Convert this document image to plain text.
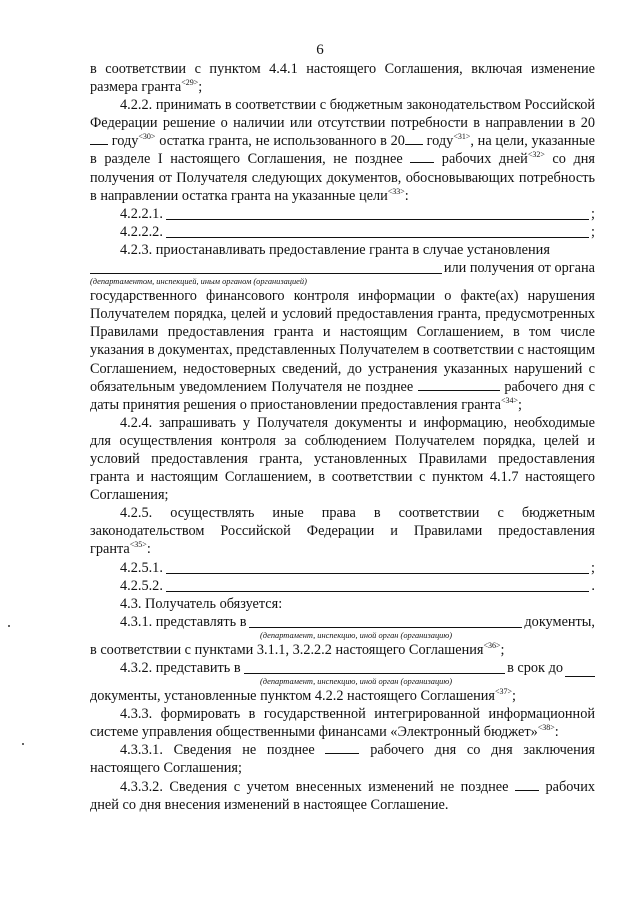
6

в соответствии с пунктом 4.4.1 настоящего Соглашения, включая изменение размера гранта$^{<29>}$;

4.2.2. принимать в соответствии с бюджетным законодательством Российской Федерации решение о наличии или отсутствии потребности в направлении в 20 году$^{<30>}$ остатка гранта, не использованного в 20 году$^{<31>}$, на цели, указанные в разделе I настоящего Соглашения, не позднее  рабочих дней$^{<32>}$ со дня получения от Получателя следующих документов, обосновывающих потребность в направлении остатка гранта на указанные цели$^{<33>}$:

4.2.2.1.	;
4.2.2.2.	;

4.2.3. приостанавливать предоставление гранта в случае установления

или получения от органа
(департаментом, инспекцией, иным органом (организацией)

государственного финансового контроля информации о факте(ах) нарушения Получателем порядка, целей и условий предоставления гранта, предусмотренных Правилами предоставления гранта и настоящим Соглашением, в том числе указания в документах, представленных Получателем в соответствии с настоящим Соглашением, недостоверных сведений, до устранения указанных нарушений с обязательным уведомлением Получателя не позднее	рабочего дня с даты принятия решения о приостановлении предоставления гранта$^{<34>}$;

4.2.4. запрашивать у Получателя документы и информацию, необходимые для осуществления контроля за соблюдением Получателем порядка, целей и условий предоставления гранта, установленных Правилами предоставления гранта и настоящим Соглашением, в соответствии с пунктом 4.1.7 настоящего Соглашения;

4.2.5. осуществлять иные права в соответствии с бюджетным законодательством Российской Федерации и Правилами предоставления гранта$^{<35>}$:

4.2.5.1.	;
4.2.5.2.	.

4.3. Получатель обязуется:

4.3.1. представлять в	документы,
(департамент, инспекцию, иной орган (организацию)

в соответствии с пунктами 3.1.1, 3.2.2.2 настоящего Соглашения$^{<36>}$;

4.3.2. представить в	в срок до
(департамент, инспекцию, иной орган (организацию)

документы, установленные пунктом 4.2.2 настоящего Соглашения$^{<37>}$;

4.3.3. формировать в государственной интегрированной информационной системе управления общественными финансами «Электронный бюджет»$^{<38>}$:

4.3.3.1. Сведения не позднее  рабочего дня со дня заключения настоящего Соглашения;

4.3.3.2. Сведения с учетом внесенных изменений не позднее  рабочих дней со дня внесения изменений в настоящее Соглашение.
